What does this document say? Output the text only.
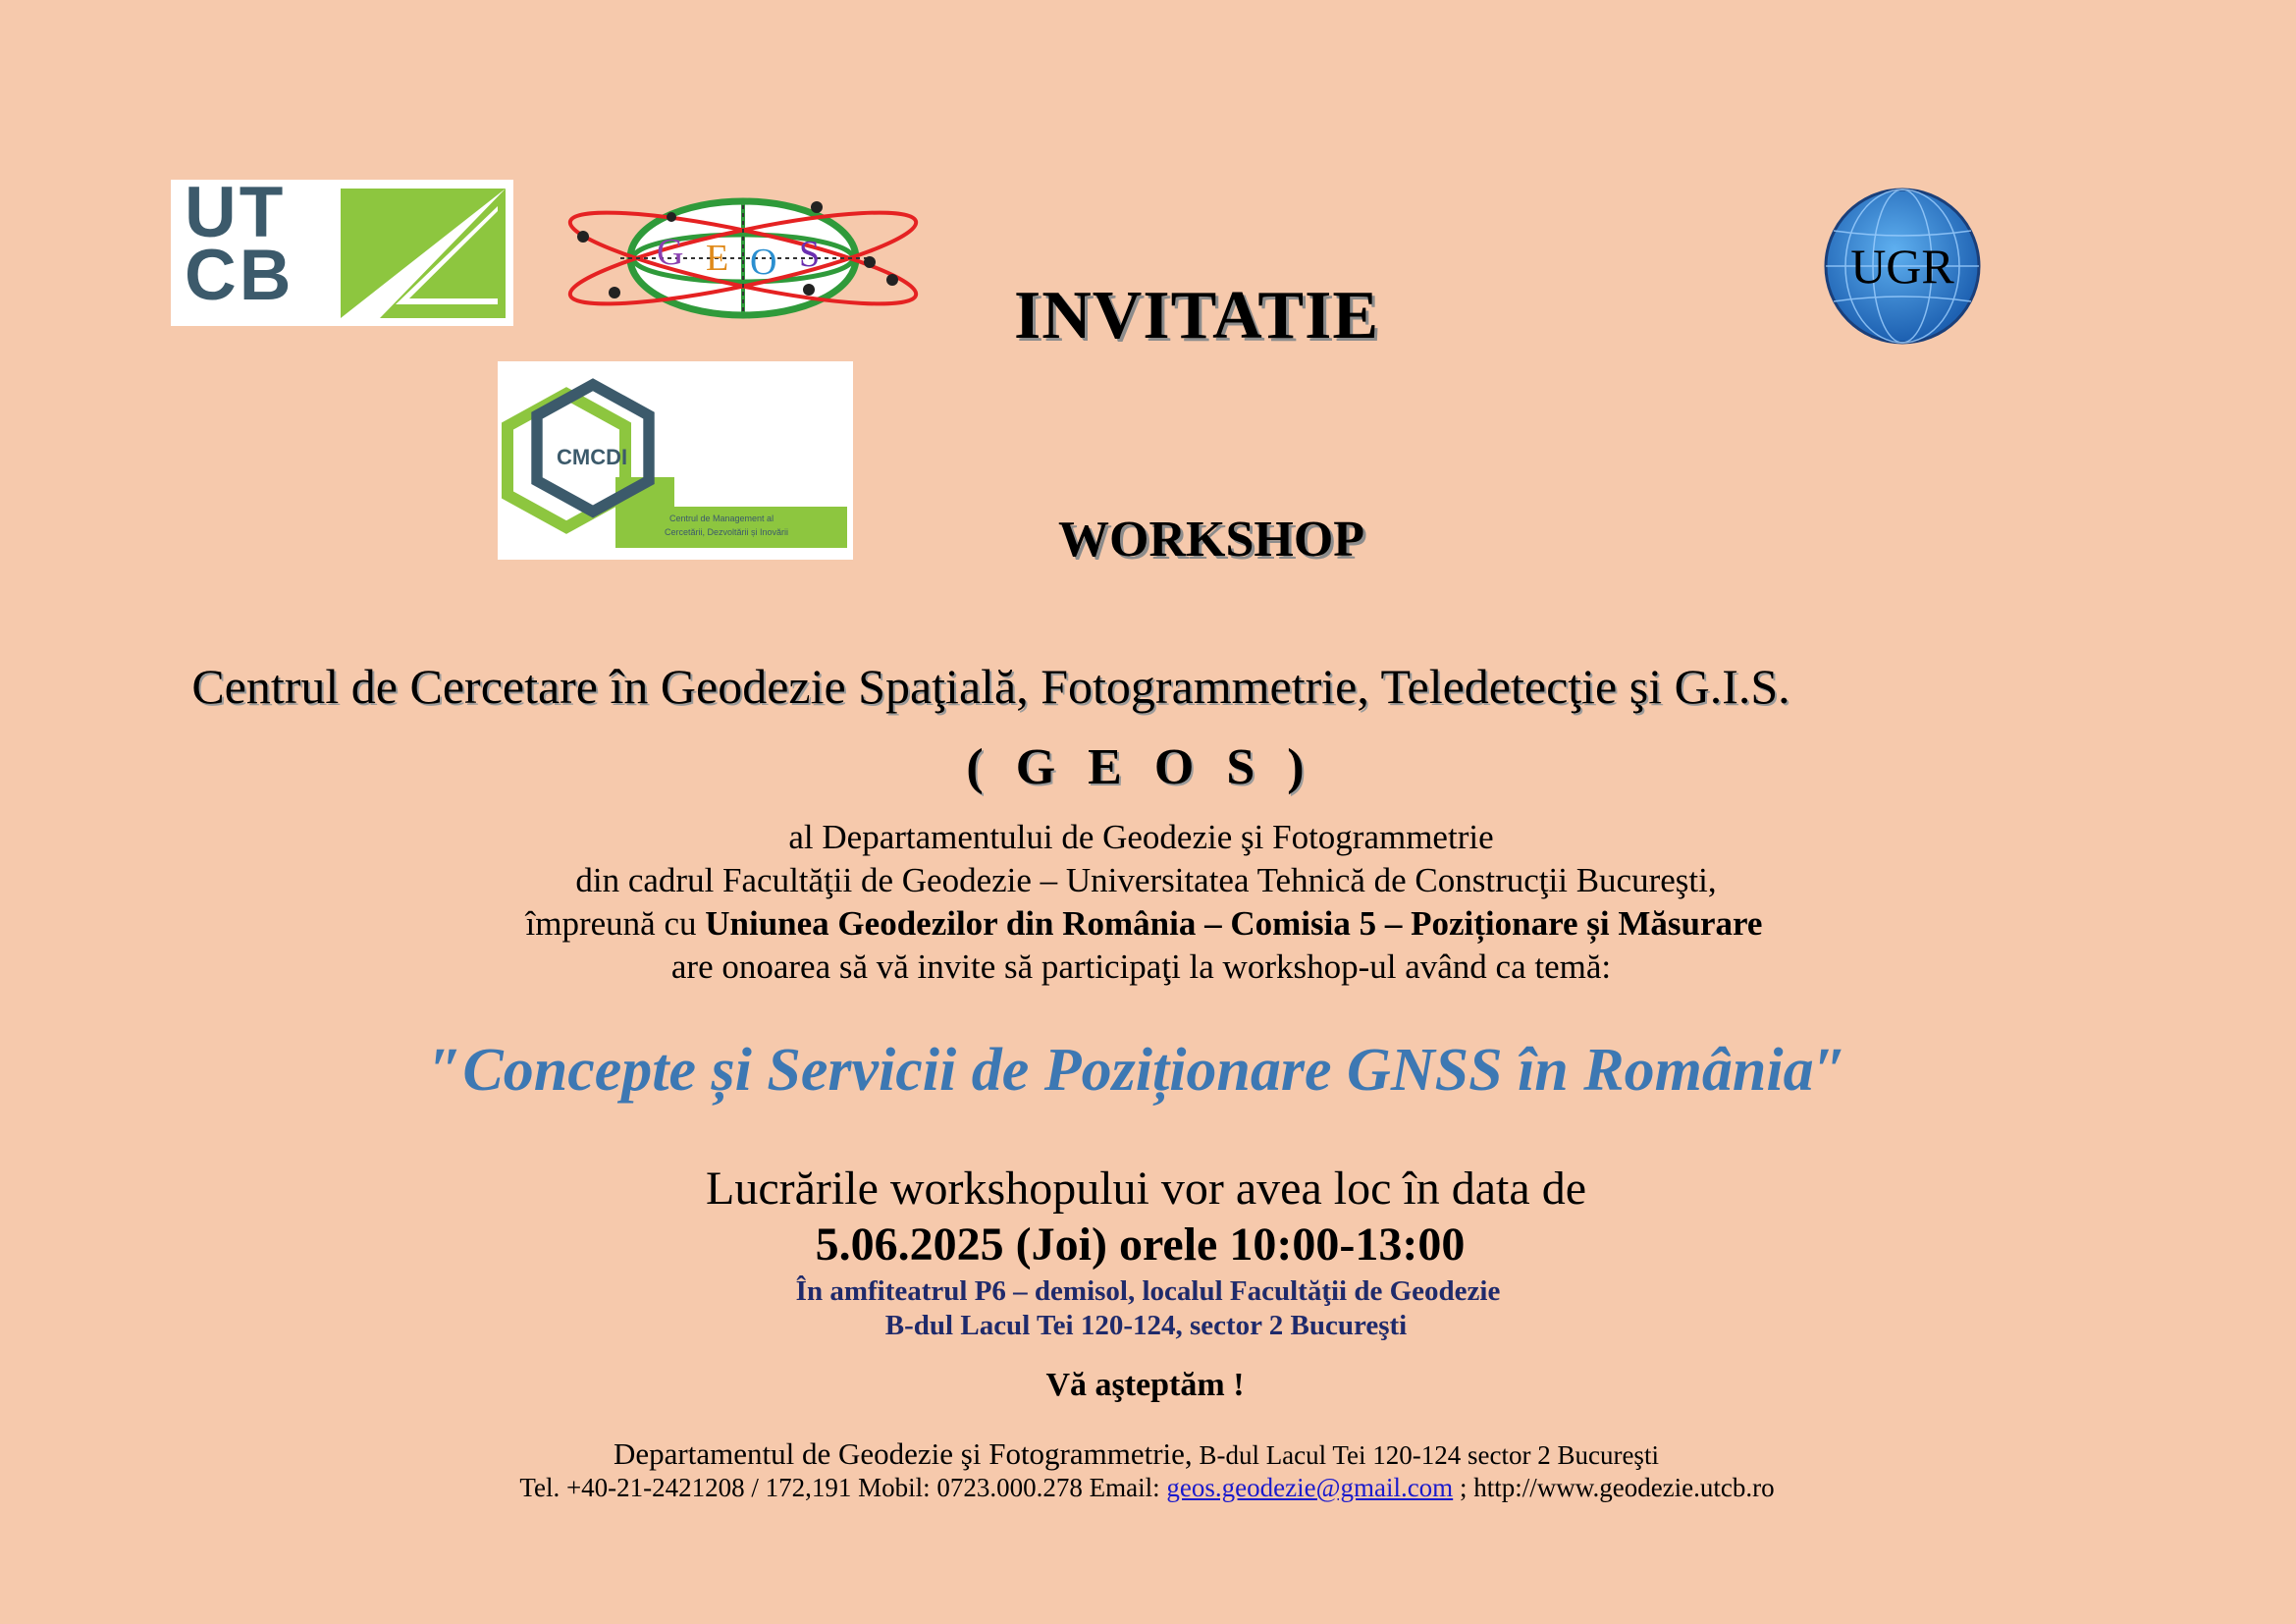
UT
CB	G E O S	UGR
CMCDI
Centrul de Management al
Cercetării, Dezvoltării și Inovării
INVITATIE
WORKSHOP
Centrul de Cercetare în Geodezie Spaţială, Fotogrammetrie, Teledetecţie şi G.I.S.
( G E O S )
al Departamentului de Geodezie şi Fotogrammetrie
din cadrul Facultăţii de Geodezie – Universitatea Tehnică de Construcţii Bucureşti,
împreună cu Uniunea Geodezilor din România – Comisia 5 – Poziționare și Măsurare
are onoarea să vă invite să participaţi la workshop-ul având ca temă:
″Concepte și Servicii de Poziționare GNSS în România″
Lucrările workshopului vor avea loc în data de
5.06.2025 (Joi) orele 10:00-13:00
În amfiteatrul P6 – demisol, localul Facultăţii de Geodezie
B-dul Lacul Tei 120-124, sector 2 Bucureşti
Vă aşteptăm !
Departamentul de Geodezie şi Fotogrammetrie, B-dul Lacul Tei 120-124 sector 2 Bucureşti
Tel. +40-21-2421208 / 172,191 Mobil: 0723.000.278 Email: geos.geodezie@gmail.com ; http://www.geodezie.utcb.ro
